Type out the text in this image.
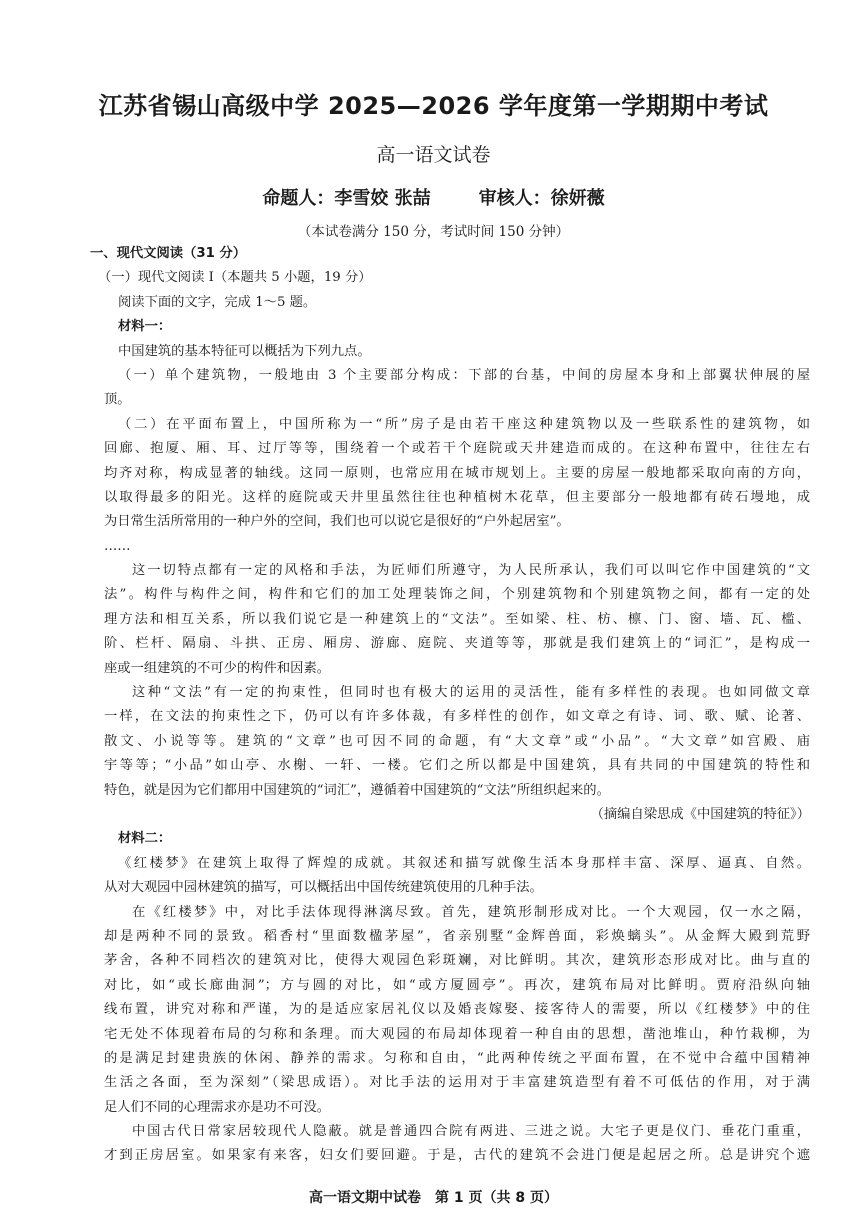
江苏省锡山高级中学 2025—2026 学年度第一学期期中考试
高一语文试卷
命题人：李雪姣 张喆	审核人：徐妍薇
（本试卷满分 150 分，考试时间 150 分钟）
一、现代文阅读（31 分）
（一）现代文阅读 I（本题共 5 小题，19 分）
阅读下面的文字，完成 1～5 题。
材料一：
中国建筑的基本特征可以概括为下列九点。
（一）单个建筑物，一般地由 3 个主要部分构成：下部的台基，中间的房屋本身和上部翼状伸展的屋
顶。
（二）在平面布置上，中国所称为一“所”房子是由若干座这种建筑物以及一些联系性的建筑物，如
回廊、抱厦、厢、耳、过厅等等，围绕着一个或若干个庭院或天井建造而成的。在这种布置中，往往左右
均齐对称，构成显著的轴线。这同一原则，也常应用在城市规划上。主要的房屋一般地都采取向南的方向，
以取得最多的阳光。这样的庭院或天井里虽然往往也种植树木花草，但主要部分一般地都有砖石墁地，成
为日常生活所常用的一种户外的空间，我们也可以说它是很好的“户外起居室”。
……
这一切特点都有一定的风格和手法，为匠师们所遵守，为人民所承认，我们可以叫它作中国建筑的“文
法”。构件与构件之间，构件和它们的加工处理装饰之间，个别建筑物和个别建筑物之间，都有一定的处
理方法和相互关系，所以我们说它是一种建筑上的“文法”。至如梁、柱、枋、檩、门、窗、墙、瓦、槛、
阶、栏杆、隔扇、斗拱、正房、厢房、游廊、庭院、夹道等等，那就是我们建筑上的“词汇”，是构成一
座或一组建筑的不可少的构件和因素。
这种“文法”有一定的拘束性，但同时也有极大的运用的灵活性，能有多样性的表现。也如同做文章
一样，在文法的拘束性之下，仍可以有许多体裁，有多样性的创作，如文章之有诗、词、歌、赋、论著、
散文、小说等等。建筑的“文章”也可因不同的命题，有“大文章”或“小品”。“大文章”如宫殿、庙
宇等等；“小品”如山亭、水榭、一轩、一楼。它们之所以都是中国建筑，具有共同的中国建筑的特性和
特色，就是因为它们都用中国建筑的“词汇”，遵循着中国建筑的“文法”所组织起来的。
（摘编自梁思成《中国建筑的特征》）
材料二：
《红楼梦》在建筑上取得了辉煌的成就。其叙述和描写就像生活本身那样丰富、深厚、逼真、自然。
从对大观园中园林建筑的描写，可以概括出中国传统建筑使用的几种手法。
在《红楼梦》中，对比手法体现得淋漓尽致。首先，建筑形制形成对比。一个大观园，仅一水之隔，
却是两种不同的景致。稻香村“里面数楹茅屋”，省亲别墅“金辉兽面，彩焕螭头”。从金辉大殿到荒野
茅舍，各种不同档次的建筑对比，使得大观园色彩斑斓，对比鲜明。其次，建筑形态形成对比。曲与直的
对比，如“或长廊曲洞”；方与圆的对比，如“或方厦圆亭”。再次，建筑布局对比鲜明。贾府沿纵向轴
线布置，讲究对称和严谨，为的是适应家居礼仪以及婚丧嫁娶、接客待人的需要，所以《红楼梦》中的住
宅无处不体现着布局的匀称和条理。而大观园的布局却体现着一种自由的思想，凿池堆山，种竹栽柳，为
的是满足封建贵族的休闲、静养的需求。匀称和自由，“此两种传统之平面布置，在不觉中合蕴中国精神
生活之各面，至为深刻”（梁思成语）。对比手法的运用对于丰富建筑造型有着不可低估的作用，对于满
足人们不同的心理需求亦是功不可没。
中国古代日常家居较现代人隐蔽。就是普通四合院有两进、三进之说。大宅子更是仪门、垂花门重重，
才到正房居室。如果家有来客，妇女们要回避。于是，古代的建筑不会进门便是起居之所。总是讲究个遮
高一语文期中试卷　第 1 页（共 8 页）
